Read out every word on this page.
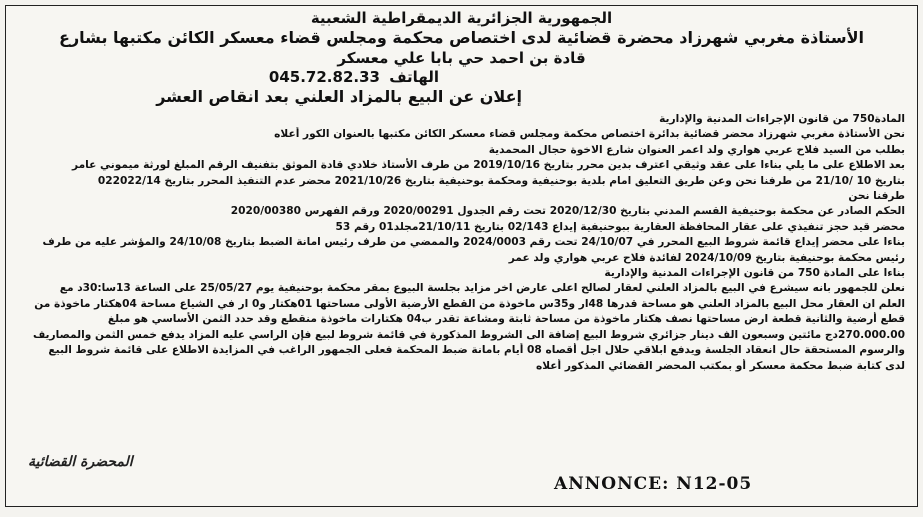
الجمهورية الجزائرية الديمقراطية الشعبية
الأستاذة مغربي شهرزاد محضرة قضائية لدى اختصاص محكمة ومجلس قضاء معسكر الكائن مكتبها بشارع
قادة بن احمد حي بابا علي معسكر
الهاتف 045.72.82.33
إعلان عن البيع بالمزاد العلني بعد انقاص العشر
المادة750 من قانون الإجراءات المدنية والإدارية
نحن الأستاذة مغربي شهرزاد محضر قضائية بدائرة اختصاص محكمة ومجلس قضاء معسكر الكائن مكتبها بالعنوان الكور أعلاه
بطلب من السيد فلاح عربي هواري ولد اعمر العنوان شارع الاخوة حجال المحمدية
بعد الاطلاع على ما يلي بناءا على عقد وثيقي اعترف بدين محرر بتاريخ 2019/10/16 من طرف الأستاذ خلادي قادة الموثق بتفنيف الرقم المبلغ لورثة ميموني عامر
بتاريخ 10 /21/10 من طرفنا نحن وعن طريق التعليق امام بلدية بوحنيفية ومحكمة بوحنيفية بتاريخ 2021/10/26 محضر عدم التنفيذ المحرر بتاريخ 022022/14
طرفنا نحن
الحكم الصادر عن محكمة بوحنيفية القسم المدني بتاريخ 2020/12/30 تحت رقم الجدول 2020/00291 ورقم الفهرس 2020/00380
محضر قيد حجز تنفيذي على عقار المحافظة العقارية ببوحنيفية إيداع 02/143 بتاريخ 21/10/11مجلد01 رقم 53
بناءا على محضر إيداع قائمة شروط البيع المحرر في 24/10/07 تحت رقم 2024/0003 والممضي من طرف رئيس امانة الضبط بتاريخ 24/10/08 والمؤشر عليه من طرف
رئيس محكمة بوحنيفية بتاريخ 2024/10/09 لفائدة فلاح عربي هواري ولد عمر
بناءا على المادة 750 من قانون الإجراءات المدنية والإدارية
نعلن للجمهور بانه سيشرع في البيع بالمزاد العلني لعقار لصالح اعلى عارض اخر مزايد بجلسة البيوع بمقر محكمة بوحنيفية يوم 25/05/27 على الساعة 13سا:30د مع
العلم ان العقار محل البيع بالمزاد العلني هو مساحة قدرها 48ار و35س ماخوذة من القطع الأرضية الأولى مساحتها 01هكتار و0 ار في الشياع مساحة 04هكتار ماخوذة من
قطع أرضية والثانية قطعة ارض مساحتها نصف هكتار ماخوذة من مساحة ثابتة ومشاعة تقدر ب04 هكتارات ماخوذة منقطع وقد حدد الثمن الأساسي هو مبلغ
270.000.00دج مائتين وسبعون الف دينار جزائري شروط البيع إضافة الى الشروط المذكورة في قائمة شروط لبيع فإن الراسي عليه المزاد يدفع خمس الثمن والمصاريف
والرسوم المستحقة حال انعقاد الجلسة ويدفع ابلاقي حلال اجل أقصاه 08 أيام بامانة ضبط المحكمة فعلى الجمهور الراغب في المزايدة الاطلاع على قائمة شروط البيع
لدى كتابة ضبط محكمة معسكر أو بمكتب المحضر القضائي المذكور أعلاه
المحضرة القضائية
ANNONCE: N12-05
